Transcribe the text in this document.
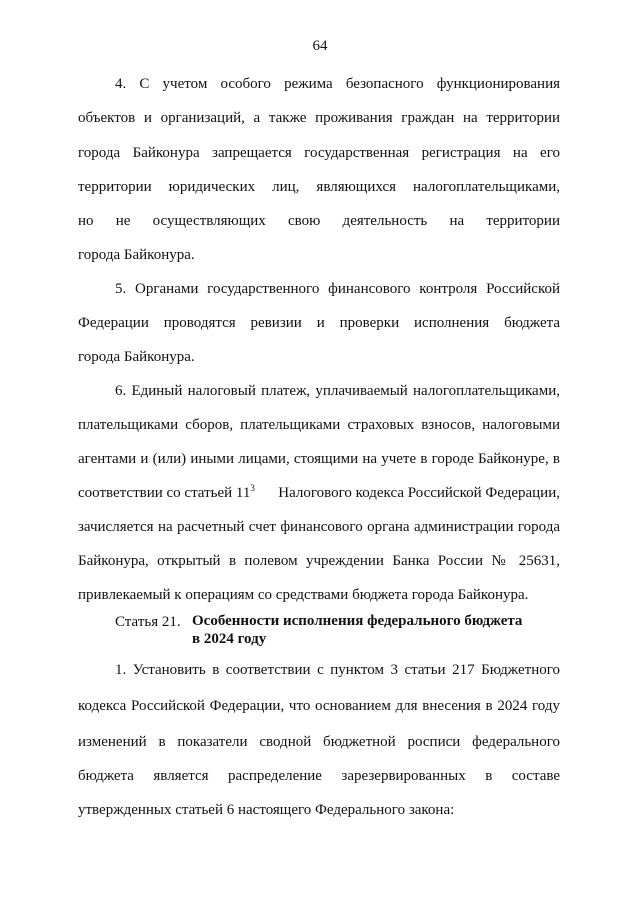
64
4. С учетом особого режима безопасного функционирования
объектов и организаций, а также проживания граждан на территории
города Байконура запрещается государственная регистрация на его
территории юридических лиц, являющихся налогоплательщиками,
но не осуществляющих свою деятельность на территории
города Байконура.
5. Органами государственного финансового контроля Российской
Федерации проводятся ревизии и проверки исполнения бюджета
города Байконура.
6. Единый налоговый платеж, уплачиваемый налогоплательщиками,
плательщиками сборов, плательщиками страховых взносов, налоговыми
агентами и (или) иными лицами, стоящими на учете в городе Байконуре, в
соответствии со статьей $11^3$ Налогового кодекса Российской Федерации,
зачисляется на расчетный счет финансового органа администрации города
Байконура, открытый в полевом учреждении Банка России № 25631,
привлекаемый к операциям со средствами бюджета города Байконура.
Статья 21. Особенности исполнения федерального бюджета
в 2024 году
1. Установить в соответствии с пунктом 3 статьи 217 Бюджетного
кодекса Российской Федерации, что основанием для внесения в 2024 году
изменений в показатели сводной бюджетной росписи федерального
бюджета является распределение зарезервированных в составе
утвержденных статьей 6 настоящего Федерального закона:
